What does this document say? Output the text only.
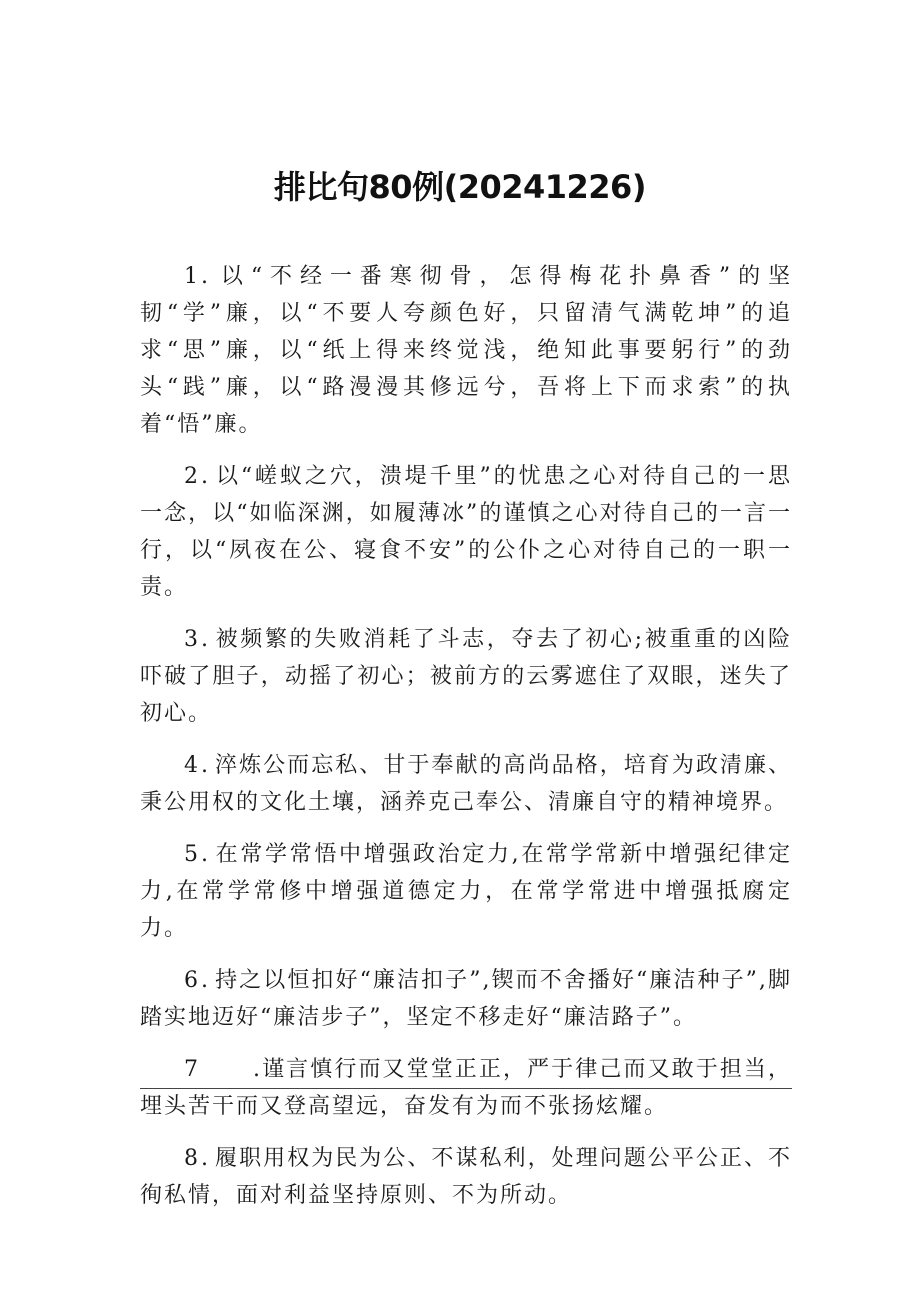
排比句80例(20241226)

1. 以“不经一番寒彻骨，怎得梅花扑鼻香”的坚韧“学”廉，以“不要人夸颜色好，只留清气满乾坤”的追求“思”廉，以“纸上得来终觉浅，绝知此事要躬行”的劲头“践”廉，以“路漫漫其修远兮，吾将上下而求索”的执着“悟”廉。

2. 以“嵯蚁之穴，溃堤千里”的忧患之心对待自己的一思一念，以“如临深渊，如履薄冰”的谨慎之心对待自己的一言一行，以“夙夜在公、寝食不安”的公仆之心对待自己的一职一责。

3. 被频繁的失败消耗了斗志，夺去了初心;被重重的凶险吓破了胆子，动摇了初心；被前方的云雾遮住了双眼，迷失了初心。

4. 淬炼公而忘私、甘于奉献的高尚品格，培育为政清廉、秉公用权的文化土壤，涵养克己奉公、清廉自守的精神境界。

5. 在常学常悟中增强政治定力,在常学常新中增强纪律定力,在常学常修中增强道德定力，在常学常进中增强抵腐定力。

6. 持之以恒扣好“廉洁扣子”,锲而不舍播好“廉洁种子”,脚踏实地迈好“廉洁步子”，坚定不移走好“廉洁路子”。

7 .谨言慎行而又堂堂正正，严于律己而又敢于担当，埋头苦干而又登高望远，奋发有为而不张扬炫耀。

8. 履职用权为民为公、不谋私利，处理问题公平公正、不徇私情，面对利益坚持原则、不为所动。
